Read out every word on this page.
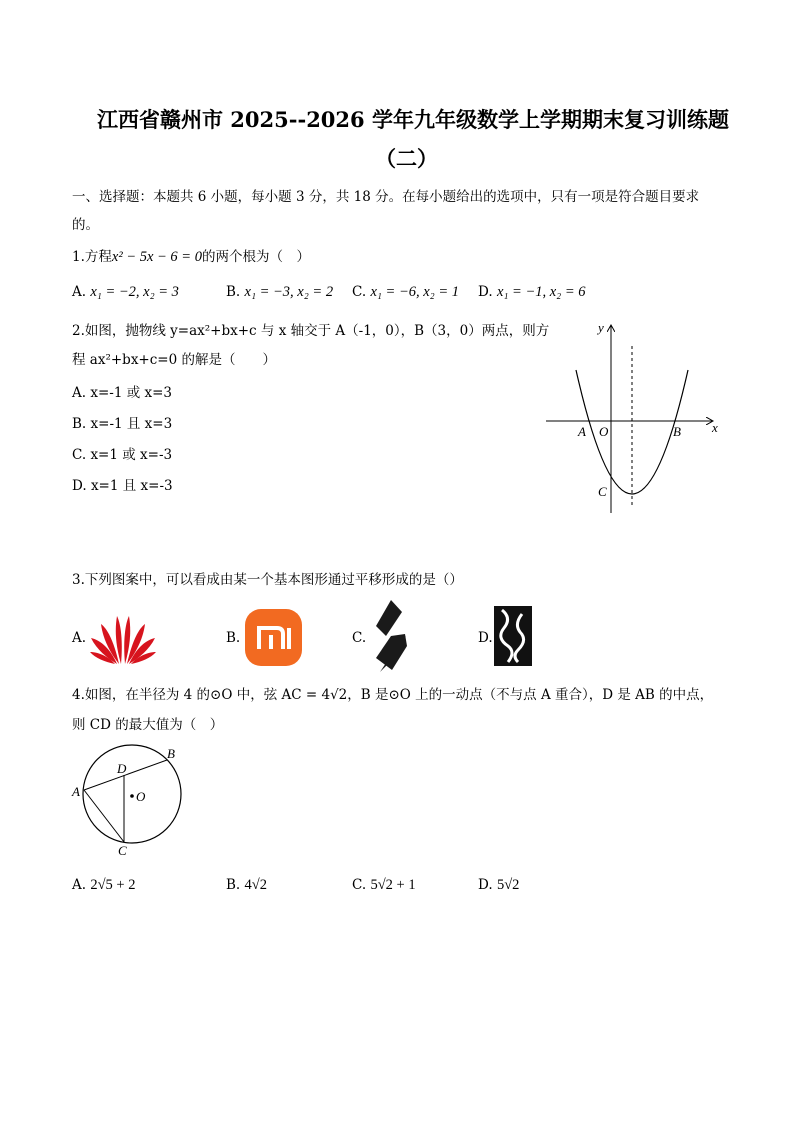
江西省赣州市 2025--2026 学年九年级数学上学期期末复习训练题
（二）
一、选择题：本题共 6 小题，每小题 3 分，共 18 分。在每小题给出的选项中，只有一项是符合题目要求
的。
1.方程x² − 5x − 6 = 0的两个根为（　）
A. x₁ = −2, x₂ = 3	B. x₁ = −3, x₂ = 2 C. x₁ = −6, x₂ = 1 D. x₁ = −1, x₂ = 6
2.如图，抛物线 y=ax²+bx+c 与 x 轴交于 A（-1，0），B（3，0）两点，则方
程 ax²+bx+c=0 的解是（　　）
A. x=-1 或 x=3
B. x=-1 且 x=3
C. x=1 或 x=-3
D. x=1 且 x=-3
y
x
A O	B
C
3.下列图案中，可以看成由某一个基本图形通过平移形成的是（）
A.	B.	C.	D.
4.如图，在半径为 4 的⊙O 中，弦 AC = 4√2，B 是⊙O 上的一动点（不与点 A 重合），D 是 AB 的中点，
则 CD 的最大值为（　）
A
B
C
D
O
A. 2√5 + 2	B. 4√2	C. 5√2 + 1	D. 5√2
